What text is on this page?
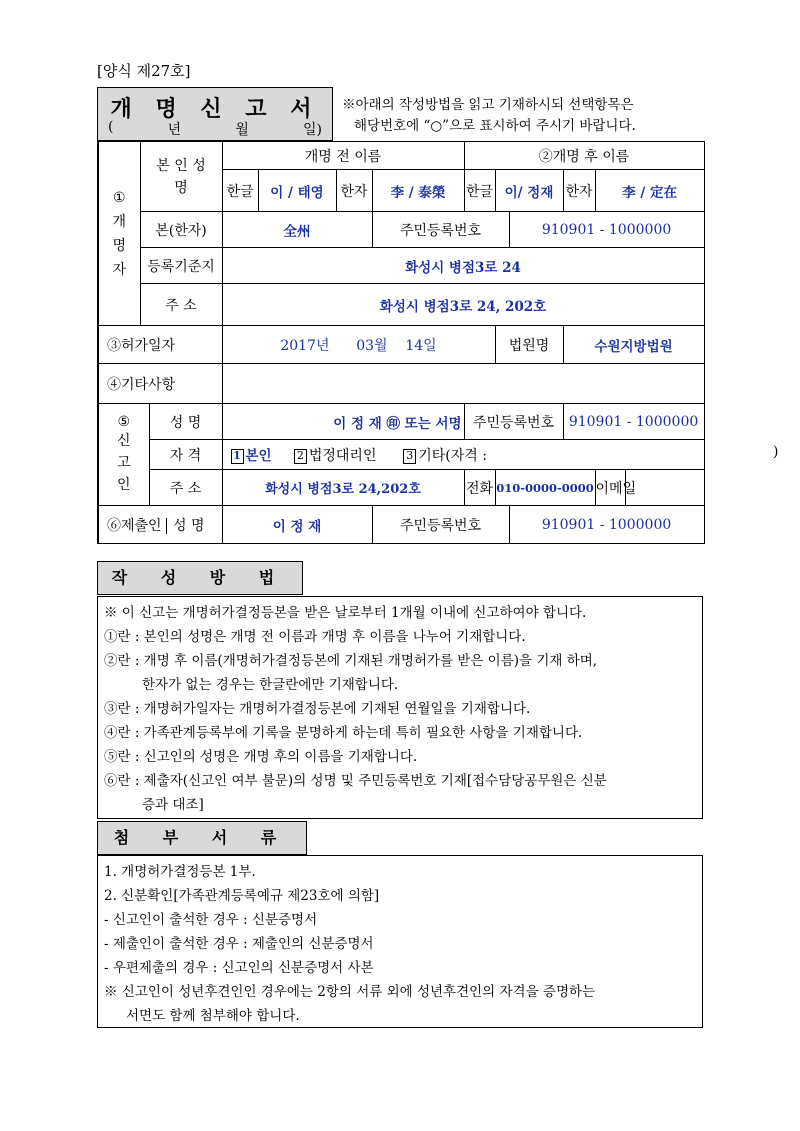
[양식 제27호]
개 명 신 고 서
(	년	월	일)
※아래의 작성방법을 읽고 기재하시되 선택항목은
해당번호에 “○”으로 표시하여 주시기 바랍니다.
①
개명자	본 인 성 명		개명 전 이름				②개명 후 이름					
			한글	이 / 태영	한자	李 / 泰榮	한글	이/ 정재		한자	李 / 定在	
	본(한자)		全州			주민등록번호			910901 - 1000000			
	등록기준지		화성시 병점3로 24									
	주 소		화성시 병점3로 24, 202호									
③허가일자			2017년 03월 14일					법원명		수원지방법원		
④기타사항												

⑤
신고인		성 명	이 정 재 ㊞ 또는 서명				주민등록번호			910901 - 1000000		
		자 격	1 본인 2 법정대리인 3 기타(자격 : )									

		주 소	화성시 병점3로 24,202호				전화	010-0000-0000			이메일	
⑥제출인 성 명			이 정 재			주민등록번호			910901 - 1000000			
작 성 방 법
※ 이 신고는 개명허가결정등본을 받은 날로부터 1개월 이내에 신고하여야 합니다.
①란 : 본인의 성명은 개명 전 이름과 개명 후 이름을 나누어 기재합니다.
②란 : 개명 후 이름(개명허가결정등본에 기재된 개명허가를 받은 이름)을 기재 하며,
한자가 없는 경우는 한글란에만 기재합니다.
③란 : 개명허가일자는 개명허가결정등본에 기재된 연월일을 기재합니다.
④란 : 가족관계등록부에 기록을 분명하게 하는데 특히 필요한 사항을 기재합니다.
⑤란 : 신고인의 성명은 개명 후의 이름을 기재합니다.
⑥란 : 제출자(신고인 여부 불문)의 성명 및 주민등록번호 기재[접수담당공무원은 신분
증과 대조]
첨 부 서 류
1. 개명허가결정등본 1부.
2. 신분확인[가족관계등록예규 제23호에 의함]
- 신고인이 출석한 경우 : 신분증명서
- 제출인이 출석한 경우 : 제출인의 신분증명서
- 우편제출의 경우 : 신고인의 신분증명서 사본
※ 신고인이 성년후견인인 경우에는 2항의 서류 외에 성년후견인의 자격을 증명하는
서면도 함께 첨부해야 합니다.
